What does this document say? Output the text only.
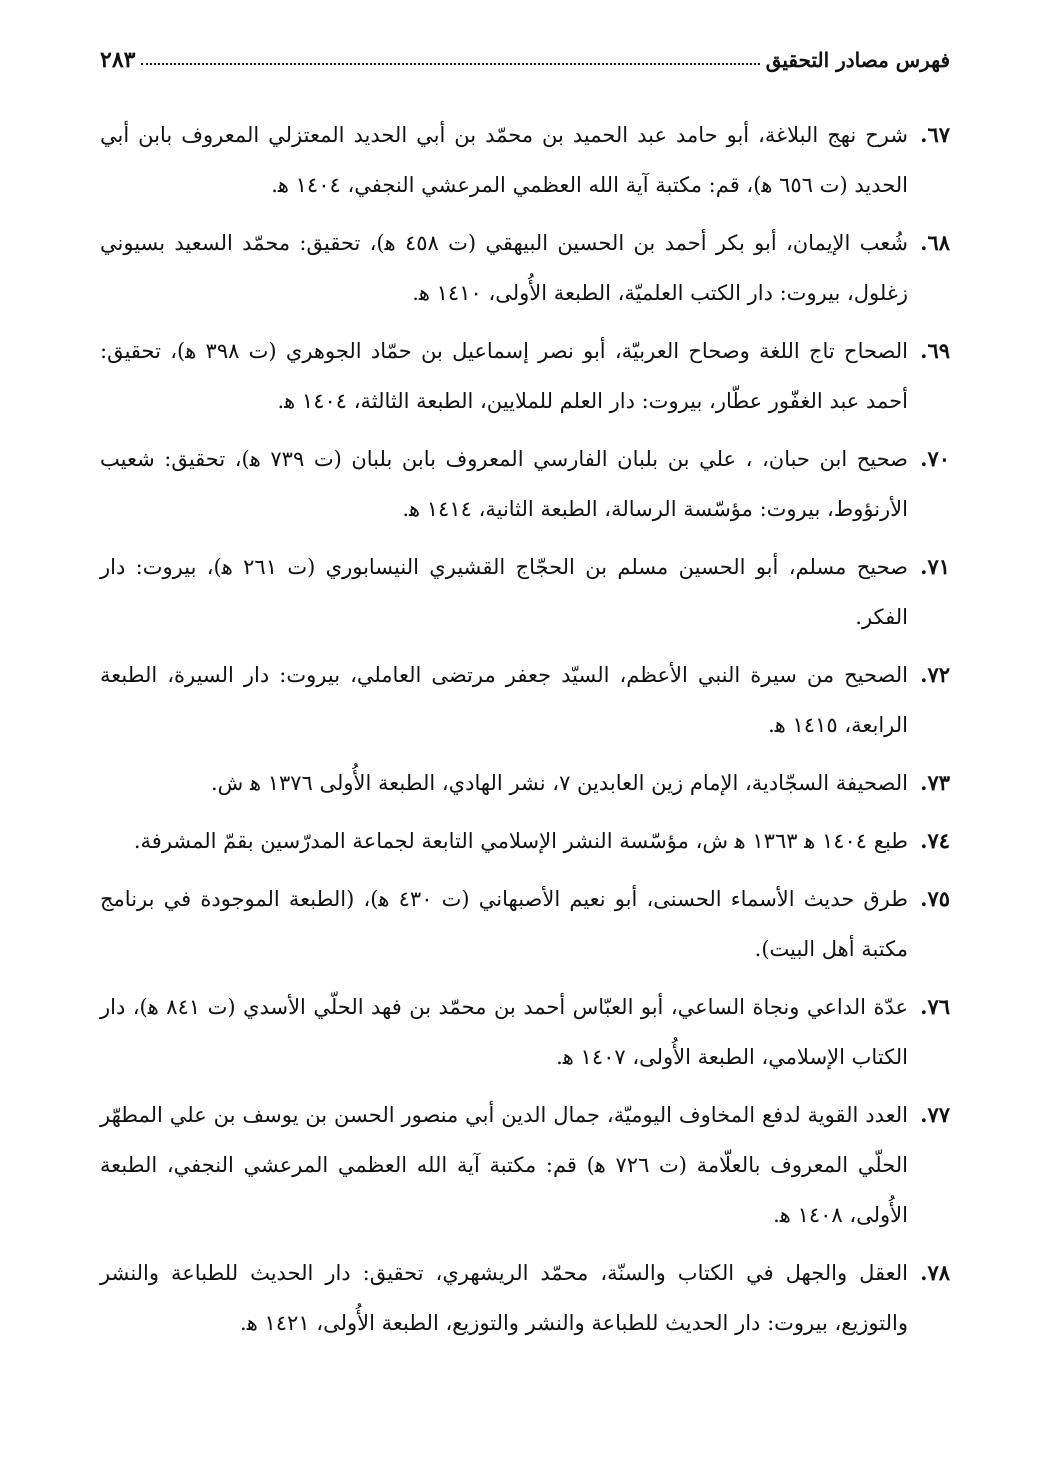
فهرس مصادر التحقيق
٢٨٣

٦٧.
شرح نهج البلاغة، أبو حامد عبد الحميد بن محمّد بن أبي الحديد المعتزلي المعروف بابن أبي الحديد (ت ٦٥٦ ﻫ)، قم: مكتبة آية الله العظمي المرعشي النجفي، ١٤٠٤ ﻫ.

٦٨.
شُعب الإيمان، أبو بكر أحمد بن الحسين البيهقي (ت ٤٥٨ ﻫ)، تحقيق: محمّد السعيد بسيوني زغلول، بيروت: دار الكتب العلميّة، الطبعة الأُولى، ١٤١٠ ﻫ.

٦٩.
الصحاح تاج اللغة وصحاح العربيّة، أبو نصر إسماعيل بن حمّاد الجوهري (ت ٣٩٨ ﻫ)، تحقيق: أحمد عبد الغفّور عطّار، بيروت: دار العلم للملايين، الطبعة الثالثة، ١٤٠٤ ﻫ.

٧٠.
صحيح ابن حبان، ، علي بن بلبان الفارسي المعروف بابن بلبان (ت ٧٣٩ ﻫ)، تحقيق: شعيب الأرنؤوط، بيروت: مؤسّسة الرسالة، الطبعة الثانية، ١٤١٤ ﻫ.

٧١.
صحيح مسلم، أبو الحسين مسلم بن الحجّاج القشيري النيسابوري (ت ٢٦١ ﻫ)، بيروت: دار الفكر.

٧٢.
الصحيح من سيرة النبي الأعظم، السيّد جعفر مرتضى العاملي، بيروت: دار السيرة، الطبعة الرابعة، ١٤١٥ ﻫ.

٧٣.
الصحيفة السجّادية، الإمام زين العابدين ٧، نشر الهادي، الطبعة الأُولى ١٣٧٦ ﻫ ش.

٧٤.
طبع ١٤٠٤ ﻫ ١٣٦٣ ﻫ ش، مؤسّسة النشر الإسلامي التابعة لجماعة المدرّسين بقمّ المشرفة.

٧٥.
طرق حديث الأسماء الحسنى، أبو نعيم الأصبهاني (ت ٤٣٠ ﻫ)، (الطبعة الموجودة في برنامج مكتبة أهل البيت).

٧٦.
عدّة الداعي ونجاة الساعي، أبو العبّاس أحمد بن محمّد بن فهد الحلّي الأسدي (ت ٨٤١ ﻫ)، دار الكتاب الإسلامي، الطبعة الأُولى، ١٤٠٧ ﻫ.

٧٧.
العدد القوية لدفع المخاوف اليوميّة، جمال الدين أبي منصور الحسن بن يوسف بن علي المطهّر الحلّي المعروف بالعلّامة (ت ٧٢٦ ﻫ) قم: مكتبة آية الله العظمي المرعشي النجفي، الطبعة الأُولى، ١٤٠٨ ﻫ.

٧٨.
العقل والجهل في الكتاب والسنّة، محمّد الريشهري، تحقيق: دار الحديث للطباعة والنشر والتوزيع، بيروت: دار الحديث للطباعة والنشر والتوزيع، الطبعة الأُولى، ١٤٢١ ﻫ.
